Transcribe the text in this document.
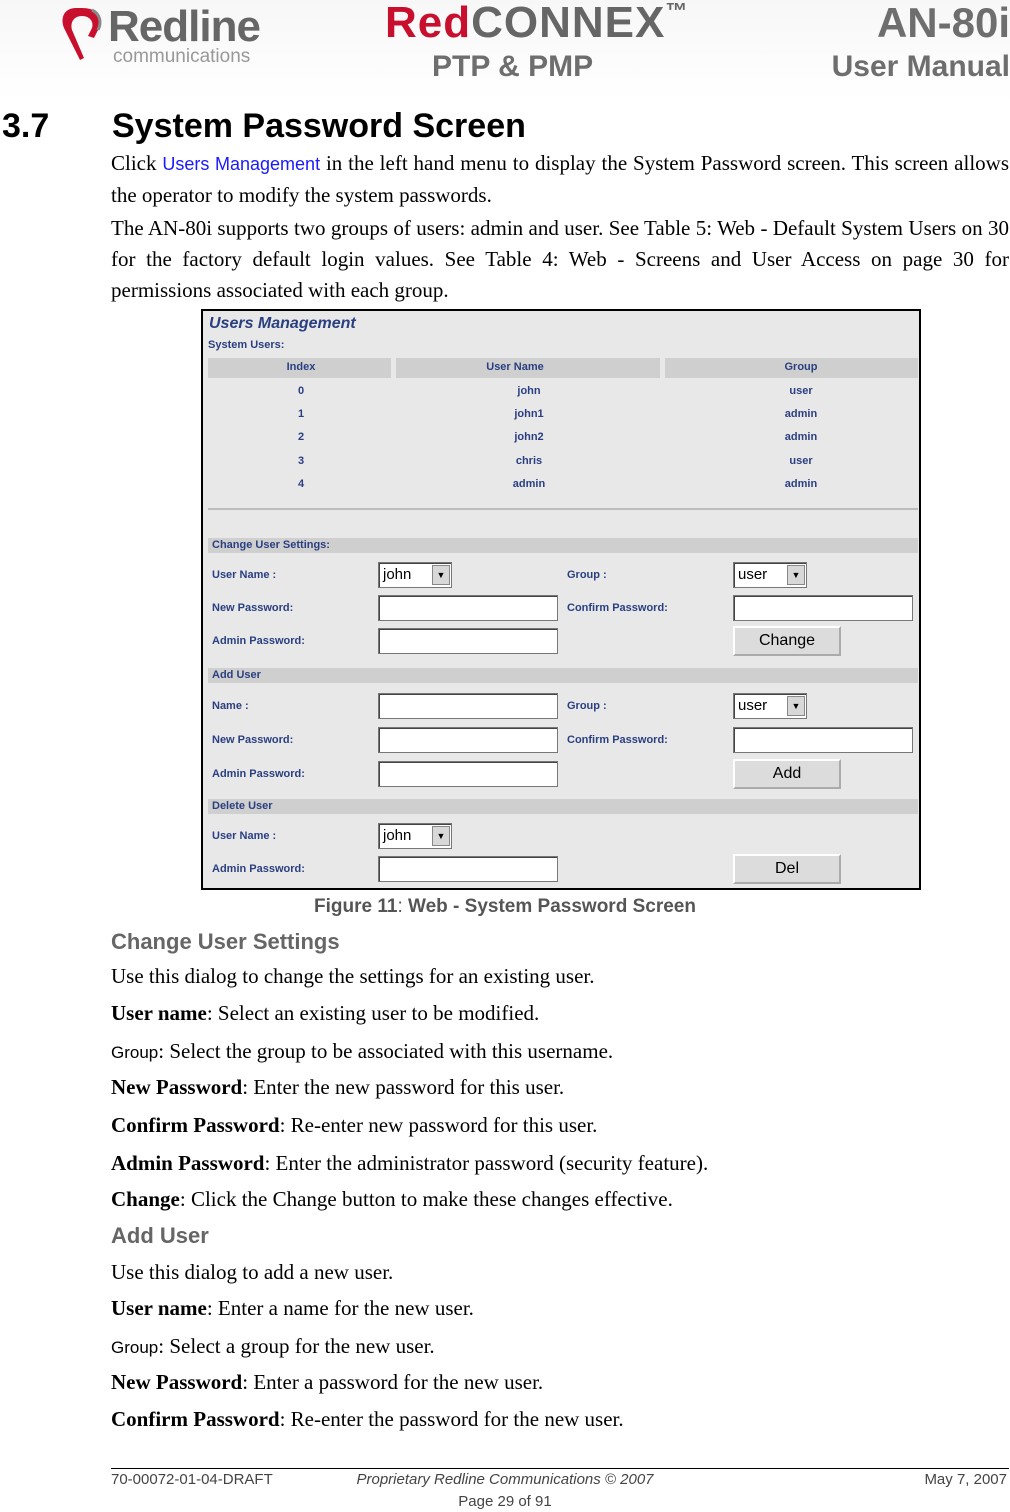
Redline
communications
RedCONNEX™	AN-80i
PTP & PMP	User Manual
3.7 System Password Screen
Click Users Management in the left hand menu to display the System Password screen. This screen allows the operator to modify the system passwords.
The AN-80i supports two groups of users: admin and user. See Table 5: Web - Default System Users on 30 for the factory default login values. See Table 4: Web - Screens and User Access on page 30 for permissions associated with each group.
Users Management
System Users:
Index	User Name	Group
0	john	user
1	john1	admin
2	john2	admin
3	chris	user
4	admin	admin
Change User Settings:
User Name :	john	▼	Group :	user	▼
New Password:	Confirm Password:
Admin Password:	Change
Add User
Name :	Group :	user	▼
New Password:	Confirm Password:
Admin Password:	Add
Delete User
User Name :	john	▼
Admin Password:	Del
Figure 11: Web - System Password Screen
Change User Settings
Use this dialog to change the settings for an existing user.
User name: Select an existing user to be modified.
Group: Select the group to be associated with this username.
New Password: Enter the new password for this user.
Confirm Password: Re-enter new password for this user.
Admin Password: Enter the administrator password (security feature).
Change: Click the Change button to make these changes effective.
Add User
Use this dialog to add a new user.
User name: Enter a name for the new user.
Group: Select a group for the new user.
New Password: Enter a password for the new user.
Confirm Password: Re-enter the password for the new user.
70-00072-01-04-DRAFT	Proprietary Redline Communications © 2007	May 7, 2007
Page 29 of 91
